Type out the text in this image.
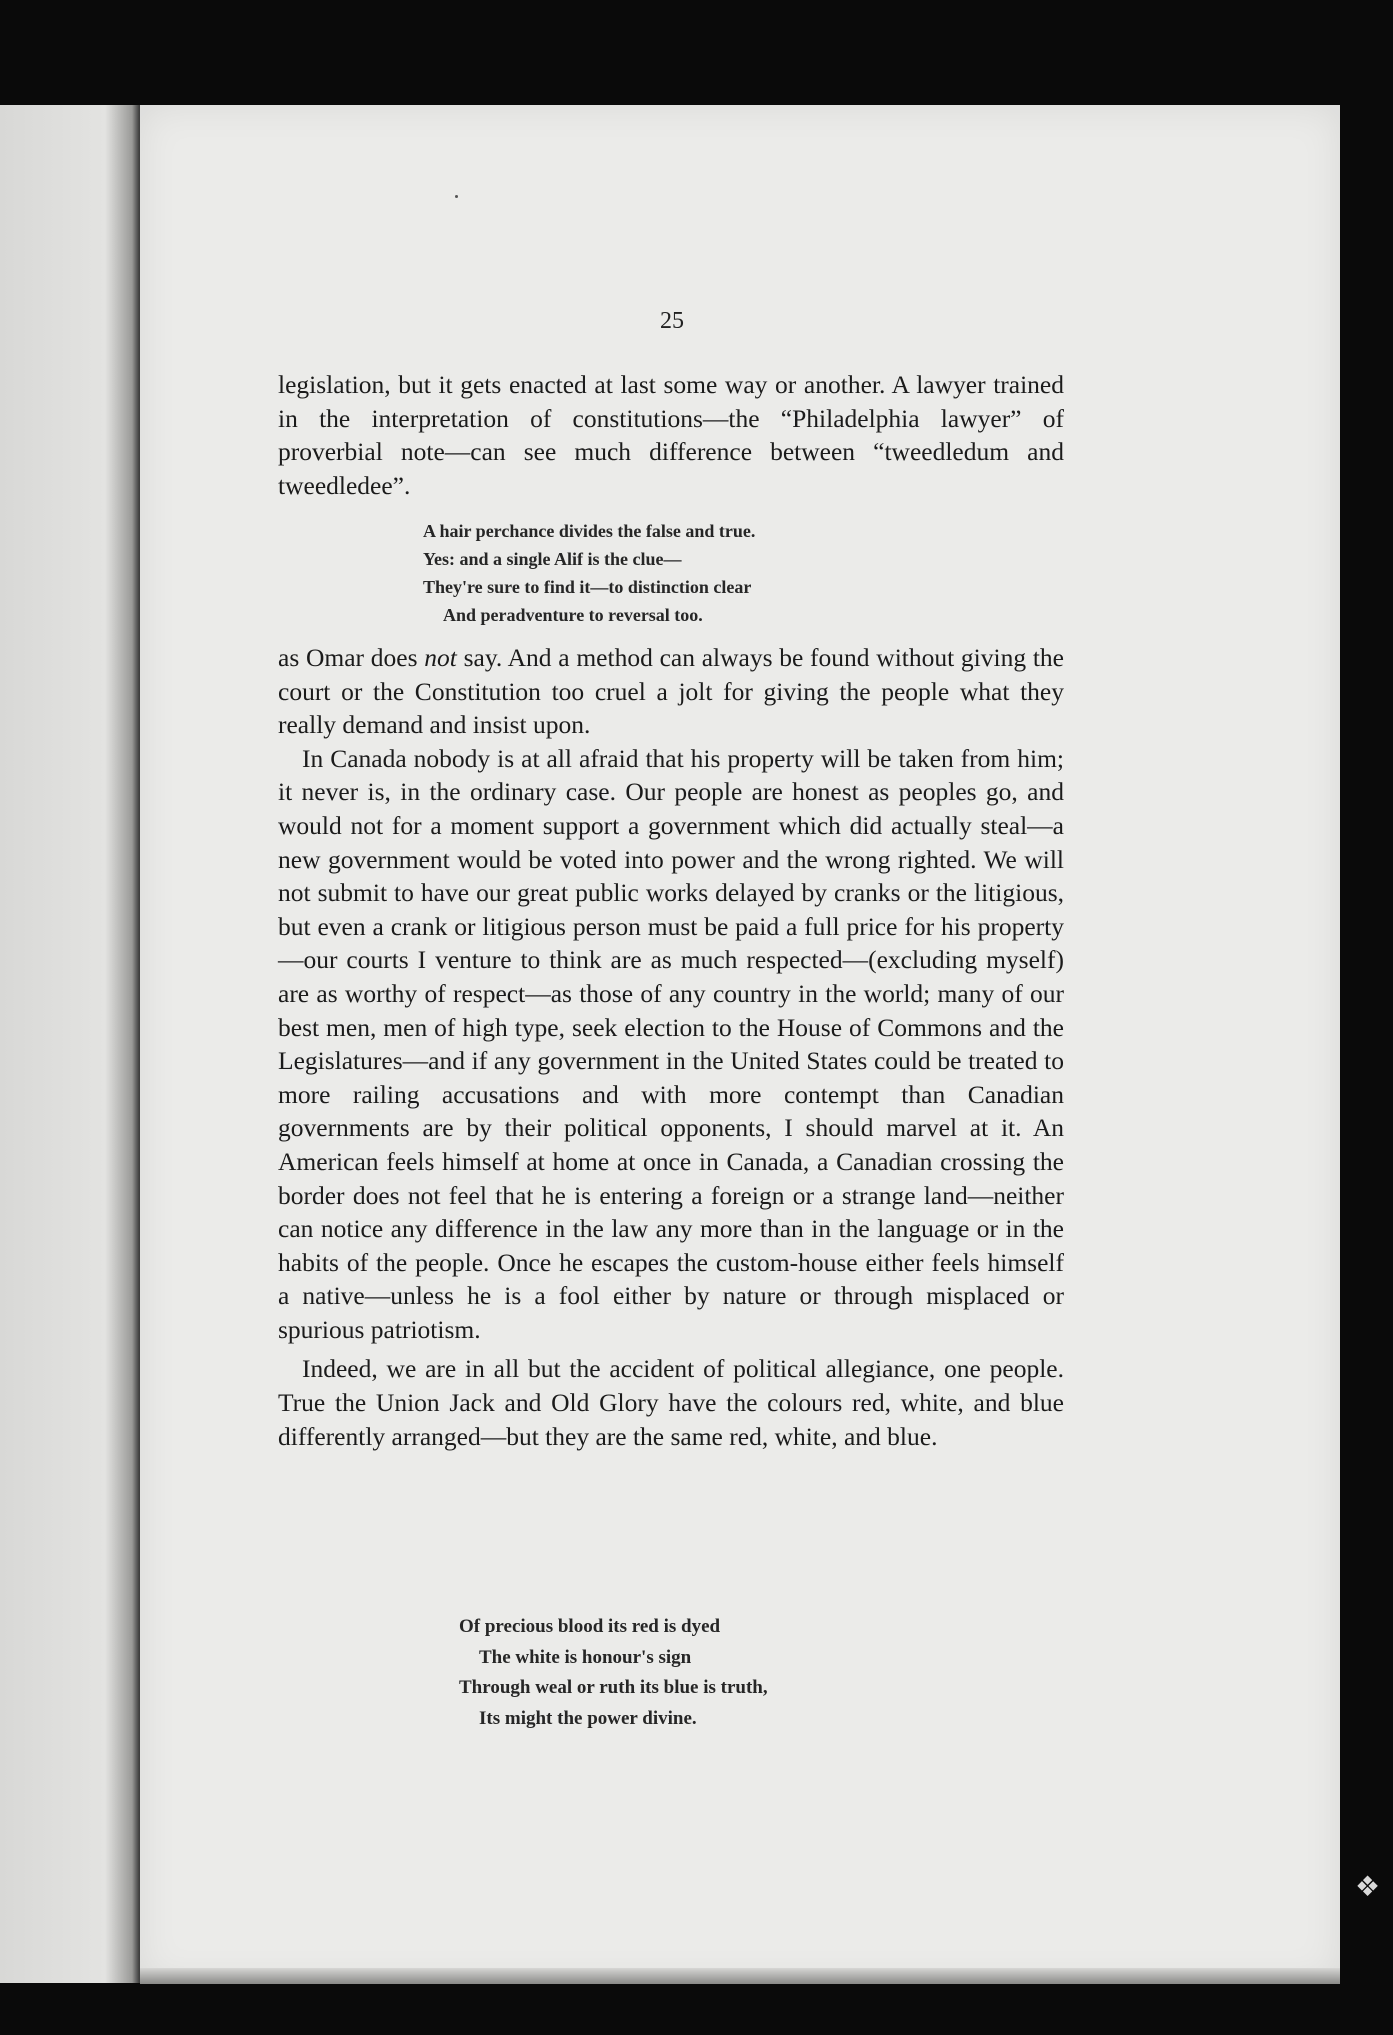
❖
25

legislation, but it gets enacted at last some way or another. A lawyer trained in the interpretation of constitutions—the “Philadelphia lawyer” of proverbial note—can see much difference between “tweedledum and tweedledee”.

A hair perchance divides the false and true.
Yes: and a single Alif is the clue—
They're sure to find it—to distinction clear
And peradventure to reversal too.

as Omar does not say. And a method can always be found without giving the court or the Constitution too cruel a jolt for giving the people what they really demand and insist upon.

In Canada nobody is at all afraid that his property will be taken from him; it never is, in the ordinary case. Our people are honest as peoples go, and would not for a moment support a government which did actually steal—a new government would be voted into power and the wrong righted. We will not submit to have our great public works delayed by cranks or the litigious, but even a crank or litigious person must be paid a full price for his property—our courts I venture to think are as much respected—(excluding myself) are as worthy of respect—as those of any country in the world; many of our best men, men of high type, seek election to the House of Commons and the Legislatures—and if any government in the United States could be treated to more railing accusations and with more contempt than Canadian governments are by their political opponents, I should marvel at it. An American feels himself at home at once in Canada, a Canadian crossing the border does not feel that he is entering a foreign or a strange land—neither can notice any difference in the law any more than in the language or in the habits of the people. Once he escapes the custom-house either feels himself a native—unless he is a fool either by nature or through misplaced or spurious patriotism.

Indeed, we are in all but the accident of political allegiance, one people. True the Union Jack and Old Glory have the colours red, white, and blue differently arranged—but they are the same red, white, and blue.

Of precious blood its red is dyed
The white is honour's sign
Through weal or ruth its blue is truth,
Its might the power divine.
